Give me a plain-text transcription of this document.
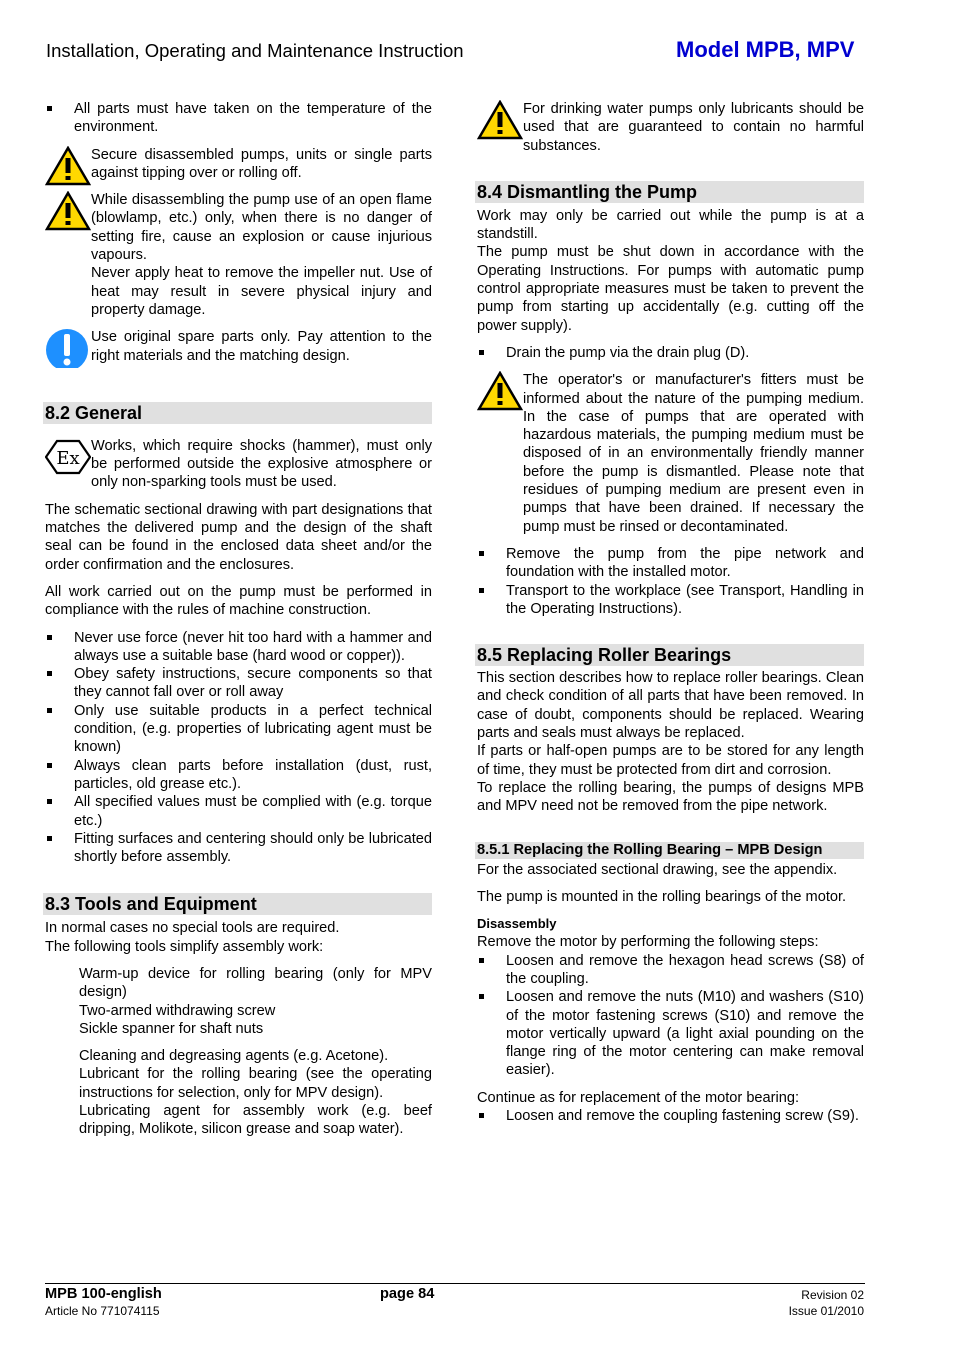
Installation, Operating and Maintenance Instruction	Model MPB, MPV
All parts must have taken on the temperature of the environment.

Secure disassembled pumps, units or single parts against tipping over or rolling off.

While disassembling the pump use of an open flame (blowlamp, etc.) only, when there is no danger of setting fire, cause an explosion or cause injurious vapours.

Never apply heat to remove the impeller nut. Use of heat may result in severe physical injury and property damage.

Use original spare parts only. Pay attention to the right materials and the matching design.

8.2 General
Ex

Works, which require shocks (hammer), must only be performed outside the explosive atmosphere or only non-sparking tools must be used.

The schematic sectional drawing with part designations that matches the delivered pump and the design of the shaft seal can be found in the enclosed data sheet and/or the order confirmation and the enclosures.

All work carried out on the pump must be performed in compliance with the rules of machine construction.

Never use force (never hit too hard with a hammer and always use a suitable base (hard wood or copper)).
Obey safety instructions, secure components so that they cannot fall over or roll away
Only use suitable products in a perfect technical condition, (e.g. properties of lubricating agent must be known)
Always clean parts before installation (dust, rust, particles, old grease etc.).
All specified values must be complied with (e.g. torque etc.)
Fitting surfaces and centering should only be lubricated shortly before assembly.
8.3 Tools and Equipment

In normal cases no special tools are required.

The following tools simplify assembly work:

Warm-up device for rolling bearing (only for MPV design)

Two-armed withdrawing screw

Sickle spanner for shaft nuts

Cleaning and degreasing agents (e.g. Acetone).

Lubricant for the rolling bearing (see the operating instructions for selection, only for MPV design).

Lubricating agent for assembly work (e.g. beef dripping, Molikote, silicon grease and soap water).

For drinking water pumps only lubricants should be used that are guaranteed to contain no harmful substances.

8.4 Dismantling the Pump

Work may only be carried out while the pump is at a standstill.

The pump must be shut down in accordance with the Operating Instructions. For pumps with automatic pump control appropriate measures must be taken to prevent the pump from starting up accidentally (e.g. cutting off the power supply).

Drain the pump via the drain plug (D).

The operator's or manufacturer's fitters must be informed about the nature of the pumping medium. In the case of pumps that are operated with hazardous materials, the pumping medium must be disposed of in an environmentally friendly manner before the pump is dismantled. Please note that residues of pumping medium are present even in pumps that have been drained. If necessary the pump must be rinsed or decontaminated.

Remove the pump from the pipe network and foundation with the installed motor.
Transport to the workplace (see Transport, Handling in the Operating Instructions).
8.5 Replacing Roller Bearings

This section describes how to replace roller bearings. Clean and check condition of all parts that have been removed. In case of doubt, components should be replaced. Wearing parts and seals must always be replaced.

If parts or half-open pumps are to be stored for any length of time, they must be protected from dirt and corrosion.

To replace the rolling bearing, the pumps of designs MPB and MPV need not be removed from the pipe network.

8.5.1 Replacing the Rolling Bearing – MPB Design

For the associated sectional drawing, see the appendix.

The pump is mounted in the rolling bearings of the motor.

Disassembly

Remove the motor by performing the following steps:

Loosen and remove the hexagon head screws (S8) of the coupling.
Loosen and remove the nuts (M10) and washers (S10) of the motor fastening screws (S10) and remove the motor vertically upward (a light axial pounding on the flange ring of the motor centering can make removal easier).

Continue as for replacement of the motor bearing:

Loosen and remove the coupling fastening screw (S9).
MPB 100-english
Article No 771074115
page 84	Revision 02
Issue 01/2010
